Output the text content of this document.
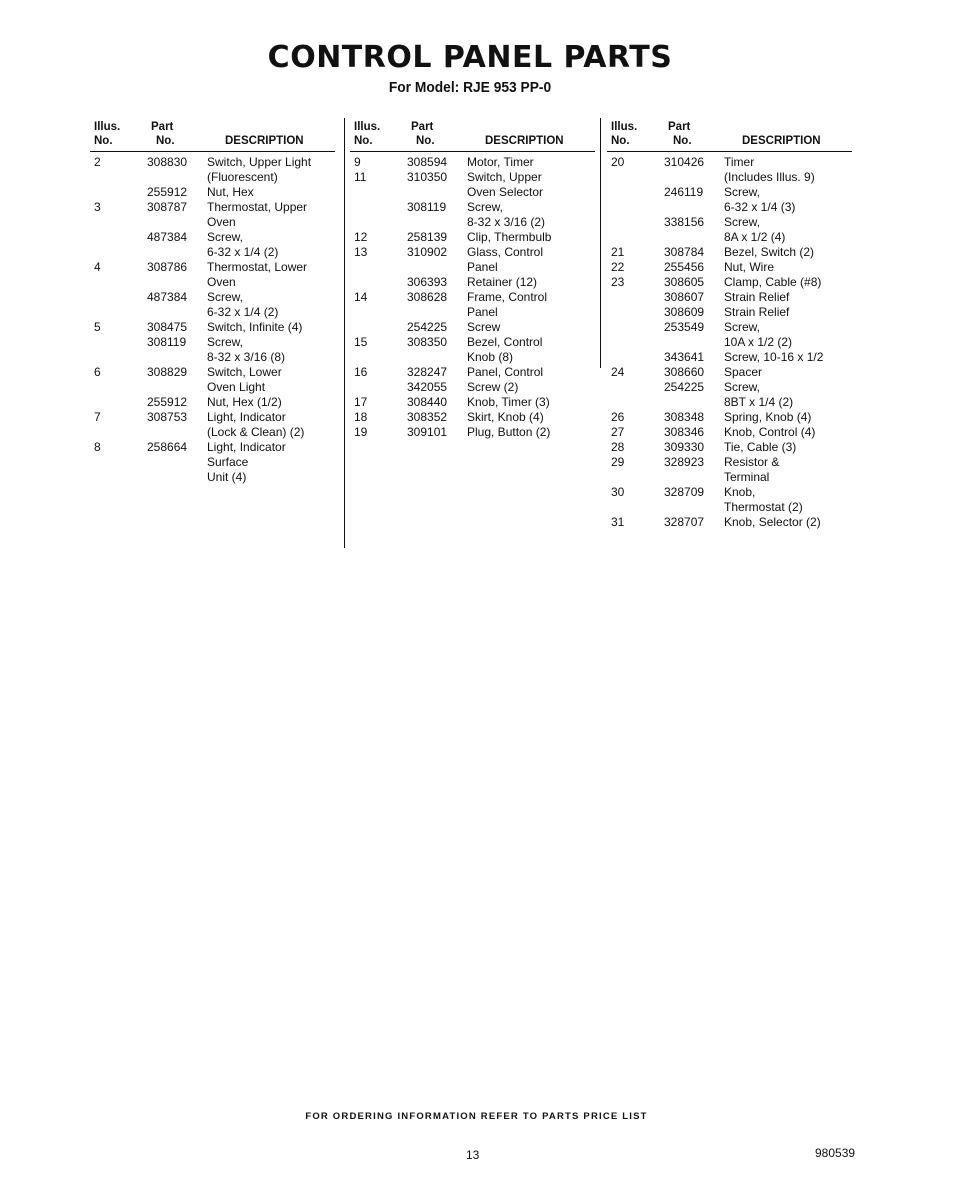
CONTROL PANEL PARTS
For Model: RJE 953 PP-0
Illus.
No.
Part
No.	DESCRIPTION
2	308830 Switch, Upper Light
(Fluorescent)
255912 Nut, Hex
3	308787 Thermostat, Upper
Oven
487384 Screw,
6-32 x 1/4 (2)
4	308786 Thermostat, Lower
Oven
487384 Screw,
6-32 x 1/4 (2)
5	308475 Switch, Infinite (4)
308119 Screw,
8-32 x 3/16 (8)
6	308829 Switch, Lower
Oven Light
255912 Nut, Hex (1/2)
7	308753 Light, Indicator
(Lock & Clean) (2)
8	258664 Light, Indicator
Surface
Unit (4)
Illus.
No.
Part
No.	DESCRIPTION
9	308594 Motor, Timer
11	310350 Switch, Upper
Oven Selector
308119 Screw,
8-32 x 3/16 (2)
12	258139 Clip, Thermbulb
13	310902 Glass, Control
Panel
306393 Retainer (12)
14	308628 Frame, Control
Panel
254225 Screw
15	308350 Bezel, Control
Knob (8)
16	328247 Panel, Control
342055 Screw (2)
17	308440 Knob, Timer (3)
18	308352 Skirt, Knob (4)
19	309101 Plug, Button (2)
Illus.
No.
Part
No.	DESCRIPTION
20	310426 Timer
(Includes Illus. 9)
246119 Screw,
6-32 x 1/4 (3)
338156 Screw,
8A x 1/2 (4)
21	308784 Bezel, Switch (2)
22	255456 Nut, Wire
23	308605 Clamp, Cable (#8)
308607 Strain Relief
308609 Strain Relief
253549 Screw,
10A x 1/2 (2)
343641 Screw, 10-16 x 1/2
24	308660 Spacer
254225 Screw,
8BT x 1/4 (2)
26	308348 Spring, Knob (4)
27	308346 Knob, Control (4)
28	309330 Tie, Cable (3)
29	328923 Resistor &
Terminal
30	328709 Knob,
Thermostat (2)
31	328707 Knob, Selector (2)
FOR ORDERING INFORMATION REFER TO PARTS PRICE LIST
13	980539
